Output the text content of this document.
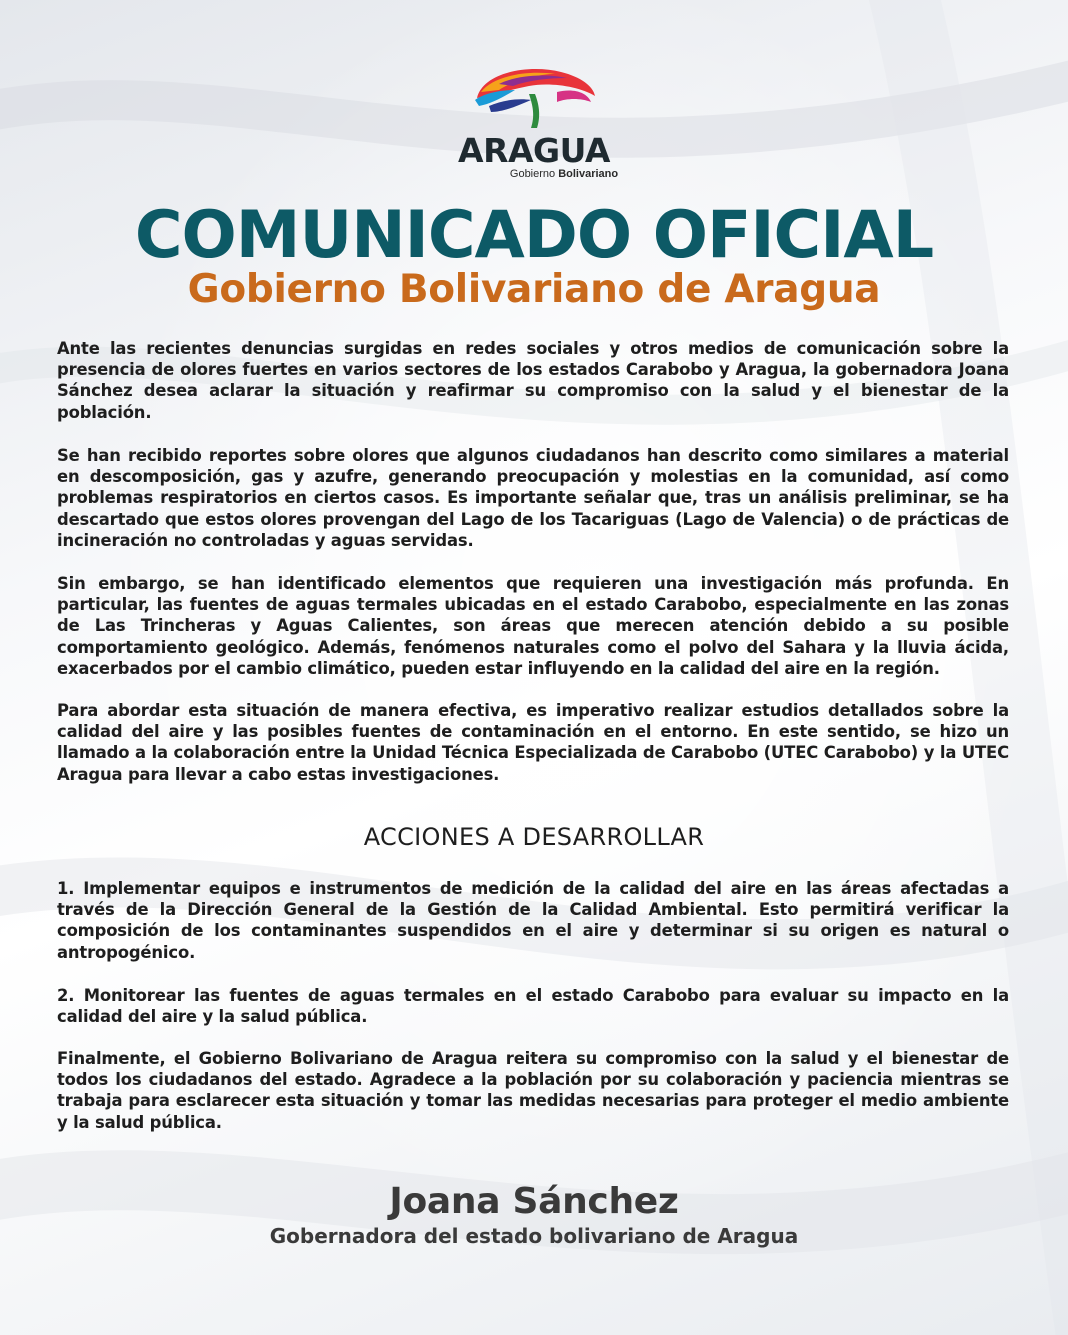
ARAGUA
Gobierno Bolivariano
COMUNICADO OFICIAL
Gobierno Bolivariano de Aragua

Ante las recientes denuncias surgidas en redes sociales y otros medios de comunicación sobre la presencia de olores fuertes en varios sectores de los estados Carabobo y Aragua, la gobernadora Joana Sánchez desea aclarar la situación y reafirmar su compromiso con la salud y el bienestar de la población.

Se han recibido reportes sobre olores que algunos ciudadanos han descrito como similares a material en descomposición, gas y azufre, generando preocupación y molestias en la comunidad, así como problemas respiratorios en ciertos casos. Es importante señalar que, tras un análisis preliminar, se ha descartado que estos olores provengan del Lago de los Tacariguas (Lago de Valencia) o de prácticas de incineración no controladas y aguas servidas.

Sin embargo, se han identificado elementos que requieren una investigación más profunda. En particular, las fuentes de aguas termales ubicadas en el estado Carabobo, especialmente en las zonas de Las Trincheras y Aguas Calientes, son áreas que merecen atención debido a su posible comportamiento geológico. Además, fenómenos naturales como el polvo del Sahara y la lluvia ácida, exacerbados por el cambio climático, pueden estar influyendo en la calidad del aire en la región.

Para abordar esta situación de manera efectiva, es imperativo realizar estudios detallados sobre la calidad del aire y las posibles fuentes de contaminación en el entorno. En este sentido, se hizo un llamado a la colaboración entre la Unidad Técnica Especializada de Carabobo (UTEC Carabobo) y la UTEC Aragua para llevar a cabo estas investigaciones.

ACCIONES A DESARROLLAR

1. Implementar equipos e instrumentos de medición de la calidad del aire en las áreas afectadas a través de la Dirección General de la Gestión de la Calidad Ambiental. Esto permitirá verificar la composición de los contaminantes suspendidos en el aire y determinar si su origen es natural o antropogénico.

2. Monitorear las fuentes de aguas termales en el estado Carabobo para evaluar su impacto en la calidad del aire y la salud pública.

Finalmente, el Gobierno Bolivariano de Aragua reitera su compromiso con la salud y el bienestar de todos los ciudadanos del estado. Agradece a la población por su colaboración y paciencia mientras se trabaja para esclarecer esta situación y tomar las medidas necesarias para proteger el medio ambiente y la salud pública.

Joana Sánchez
Gobernadora del estado bolivariano de Aragua
